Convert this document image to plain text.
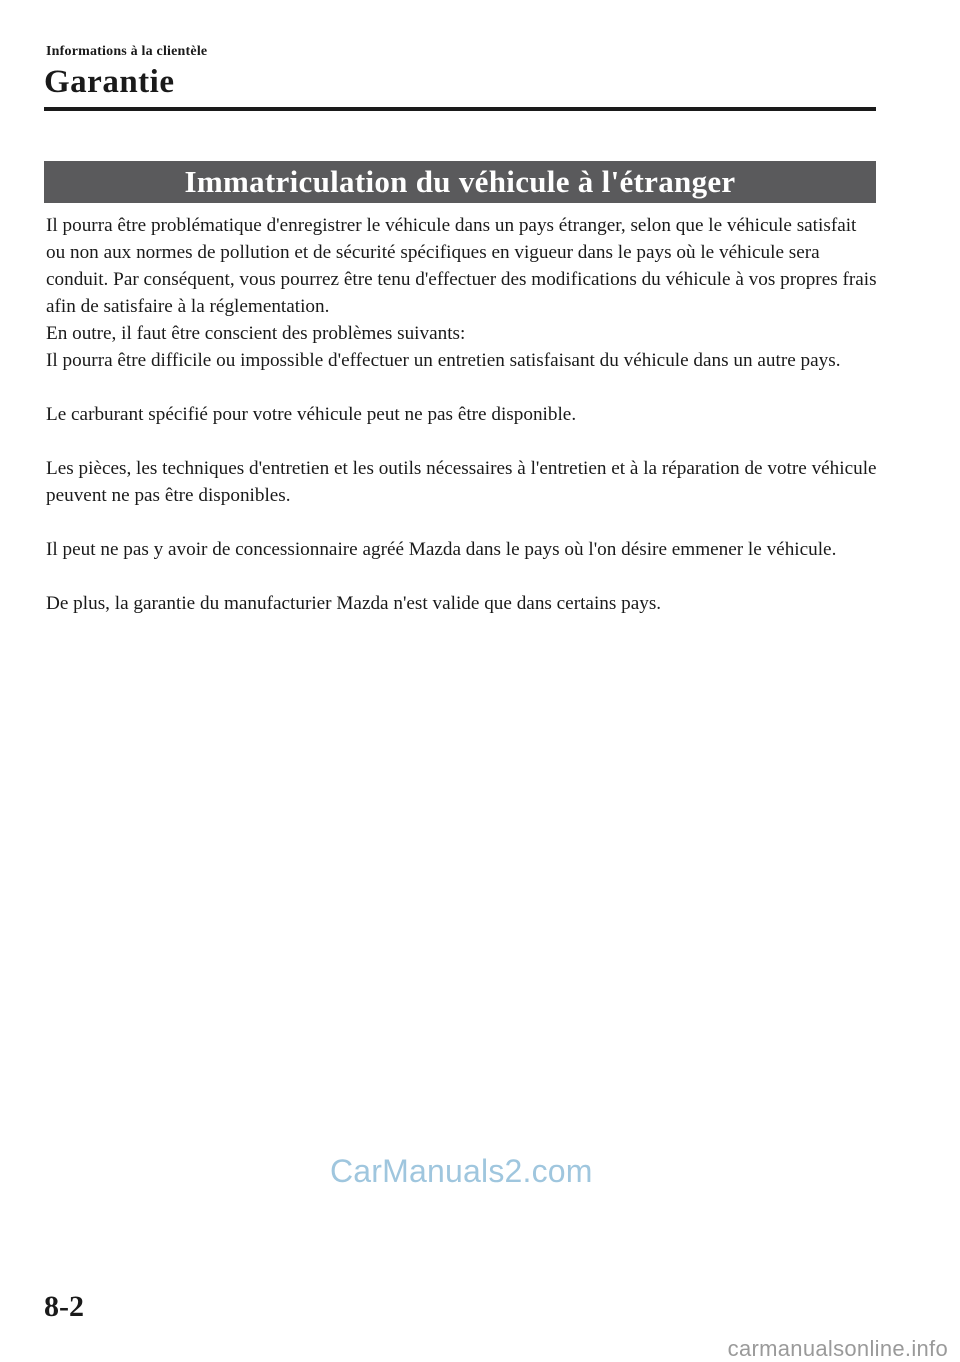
Informations à la clientèle
Garantie
Immatriculation du véhicule à l'étranger

Il pourra être problématique d'enregistrer le véhicule dans un pays étranger, selon que le véhicule satisfait ou non aux normes de pollution et de sécurité spécifiques en vigueur dans le pays où le véhicule sera conduit. Par conséquent, vous pourrez être tenu d'effectuer des modifications du véhicule à vos propres frais afin de satisfaire à la réglementation.

En outre, il faut être conscient des problèmes suivants:

Il pourra être difficile ou impossible d'effectuer un entretien satisfaisant du véhicule dans un autre pays.

Le carburant spécifié pour votre véhicule peut ne pas être disponible.

Les pièces, les techniques d'entretien et les outils nécessaires à l'entretien et à la réparation de votre véhicule peuvent ne pas être disponibles.

Il peut ne pas y avoir de concessionnaire agréé Mazda dans le pays où l'on désire emmener le véhicule.

De plus, la garantie du manufacturier Mazda n'est valide que dans certains pays.

CarManuals2.com
8-2
carmanualsonline.info
